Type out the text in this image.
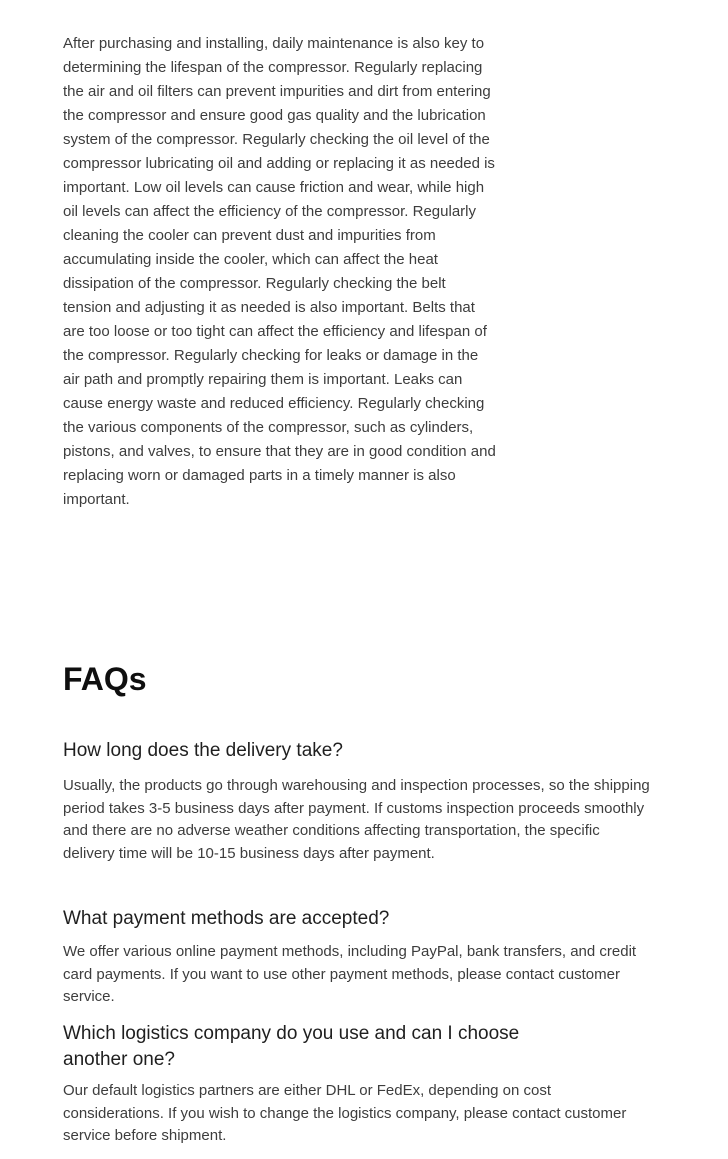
After purchasing and installing, daily maintenance is also key to determining the lifespan of the compressor. Regularly replacing the air and oil filters can prevent impurities and dirt from entering the compressor and ensure good gas quality and the lubrication system of the compressor. Regularly checking the oil level of the compressor lubricating oil and adding or replacing it as needed is important. Low oil levels can cause friction and wear, while high oil levels can affect the efficiency of the compressor. Regularly cleaning the cooler can prevent dust and impurities from accumulating inside the cooler, which can affect the heat dissipation of the compressor. Regularly checking the belt tension and adjusting it as needed is also important. Belts that are too loose or too tight can affect the efficiency and lifespan of the compressor. Regularly checking for leaks or damage in the air path and promptly repairing them is important. Leaks can cause energy waste and reduced efficiency. Regularly checking the various components of the compressor, such as cylinders, pistons, and valves, to ensure that they are in good condition and replacing worn or damaged parts in a timely manner is also important.

FAQs
How long does the delivery take?

Usually, the products go through warehousing and inspection processes, so the shipping period takes 3-5 business days after payment. If customs inspection proceeds smoothly and there are no adverse weather conditions affecting transportation, the specific delivery time will be 10-15 business days after payment.

What payment methods are accepted?

We offer various online payment methods, including PayPal, bank transfers, and credit card payments. If you want to use other payment methods, please contact customer service.

Which logistics company do you use and can I choose another one?

Our default logistics partners are either DHL or FedEx, depending on cost considerations. If you wish to change the logistics company, please contact customer service before shipment.
